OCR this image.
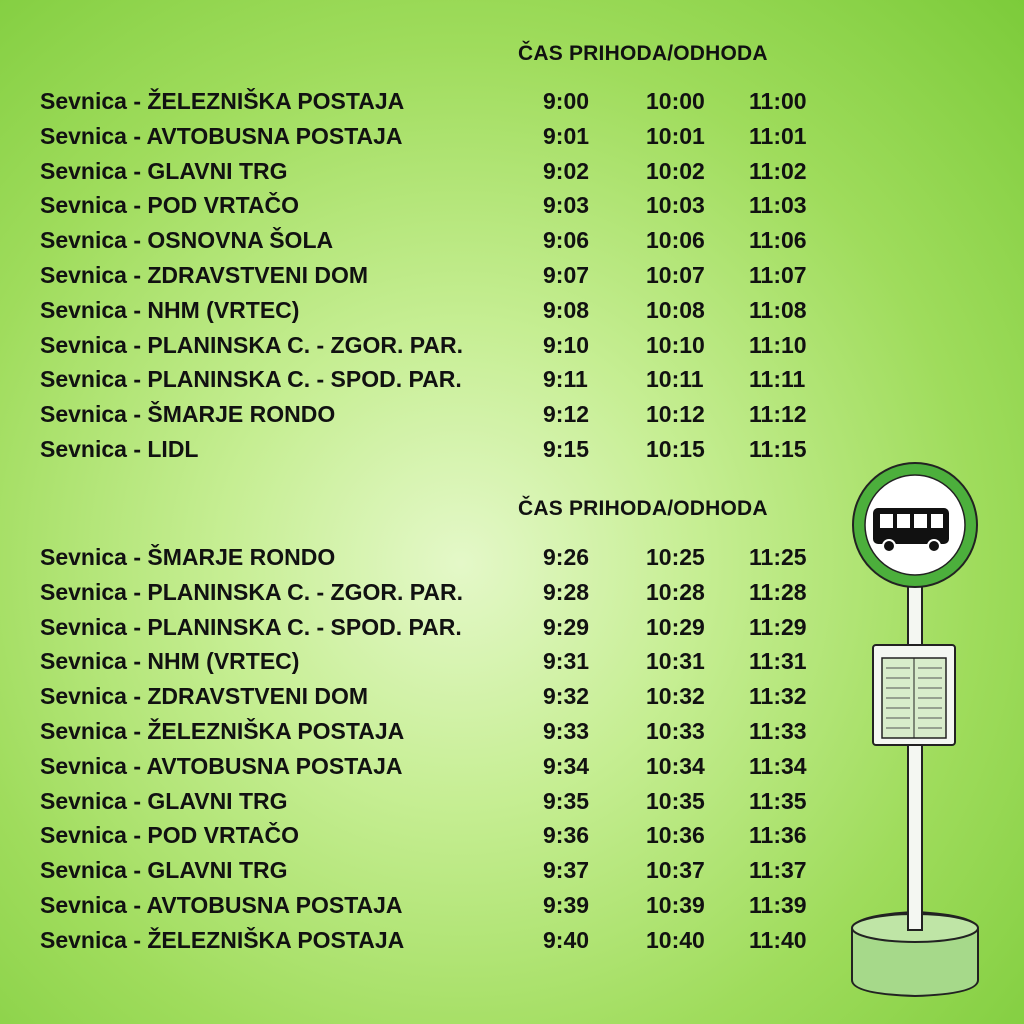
ČAS PRIHODA/ODHODA
Sevnica - ŽELEZNIŠKA POSTAJA	9:00 10:00 11:00
Sevnica - AVTOBUSNA POSTAJA	9:01 10:01 11:01
Sevnica - GLAVNI TRG	9:02 10:02 11:02
Sevnica - POD VRTAČO	9:03 10:03 11:03
Sevnica - OSNOVNA ŠOLA	9:06 10:06 11:06
Sevnica - ZDRAVSTVENI DOM	9:07 10:07 11:07
Sevnica - NHM (VRTEC)	9:08 10:08 11:08
Sevnica - PLANINSKA C. - ZGOR. PAR.	9:10 10:10 11:10
Sevnica - PLANINSKA C. - SPOD. PAR.	9:11	10:11 11:11
Sevnica - ŠMARJE RONDO	9:12 10:12 11:12
Sevnica - LIDL	9:15 10:15 11:15
ČAS PRIHODA/ODHODA
Sevnica - ŠMARJE RONDO	9:26 10:25 11:25
Sevnica - PLANINSKA C. - ZGOR. PAR.	9:28 10:28 11:28
Sevnica - PLANINSKA C. - SPOD. PAR.	9:29 10:29 11:29
Sevnica - NHM (VRTEC)	9:31 10:31 11:31
Sevnica - ZDRAVSTVENI DOM	9:32 10:32 11:32
Sevnica - ŽELEZNIŠKA POSTAJA	9:33 10:33 11:33
Sevnica - AVTOBUSNA POSTAJA	9:34 10:34 11:34
Sevnica - GLAVNI TRG	9:35 10:35 11:35
Sevnica - POD VRTAČO	9:36 10:36 11:36
Sevnica - GLAVNI TRG	9:37 10:37 11:37
Sevnica - AVTOBUSNA POSTAJA	9:39 10:39 11:39
Sevnica - ŽELEZNIŠKA POSTAJA	9:40 10:40 11:40
